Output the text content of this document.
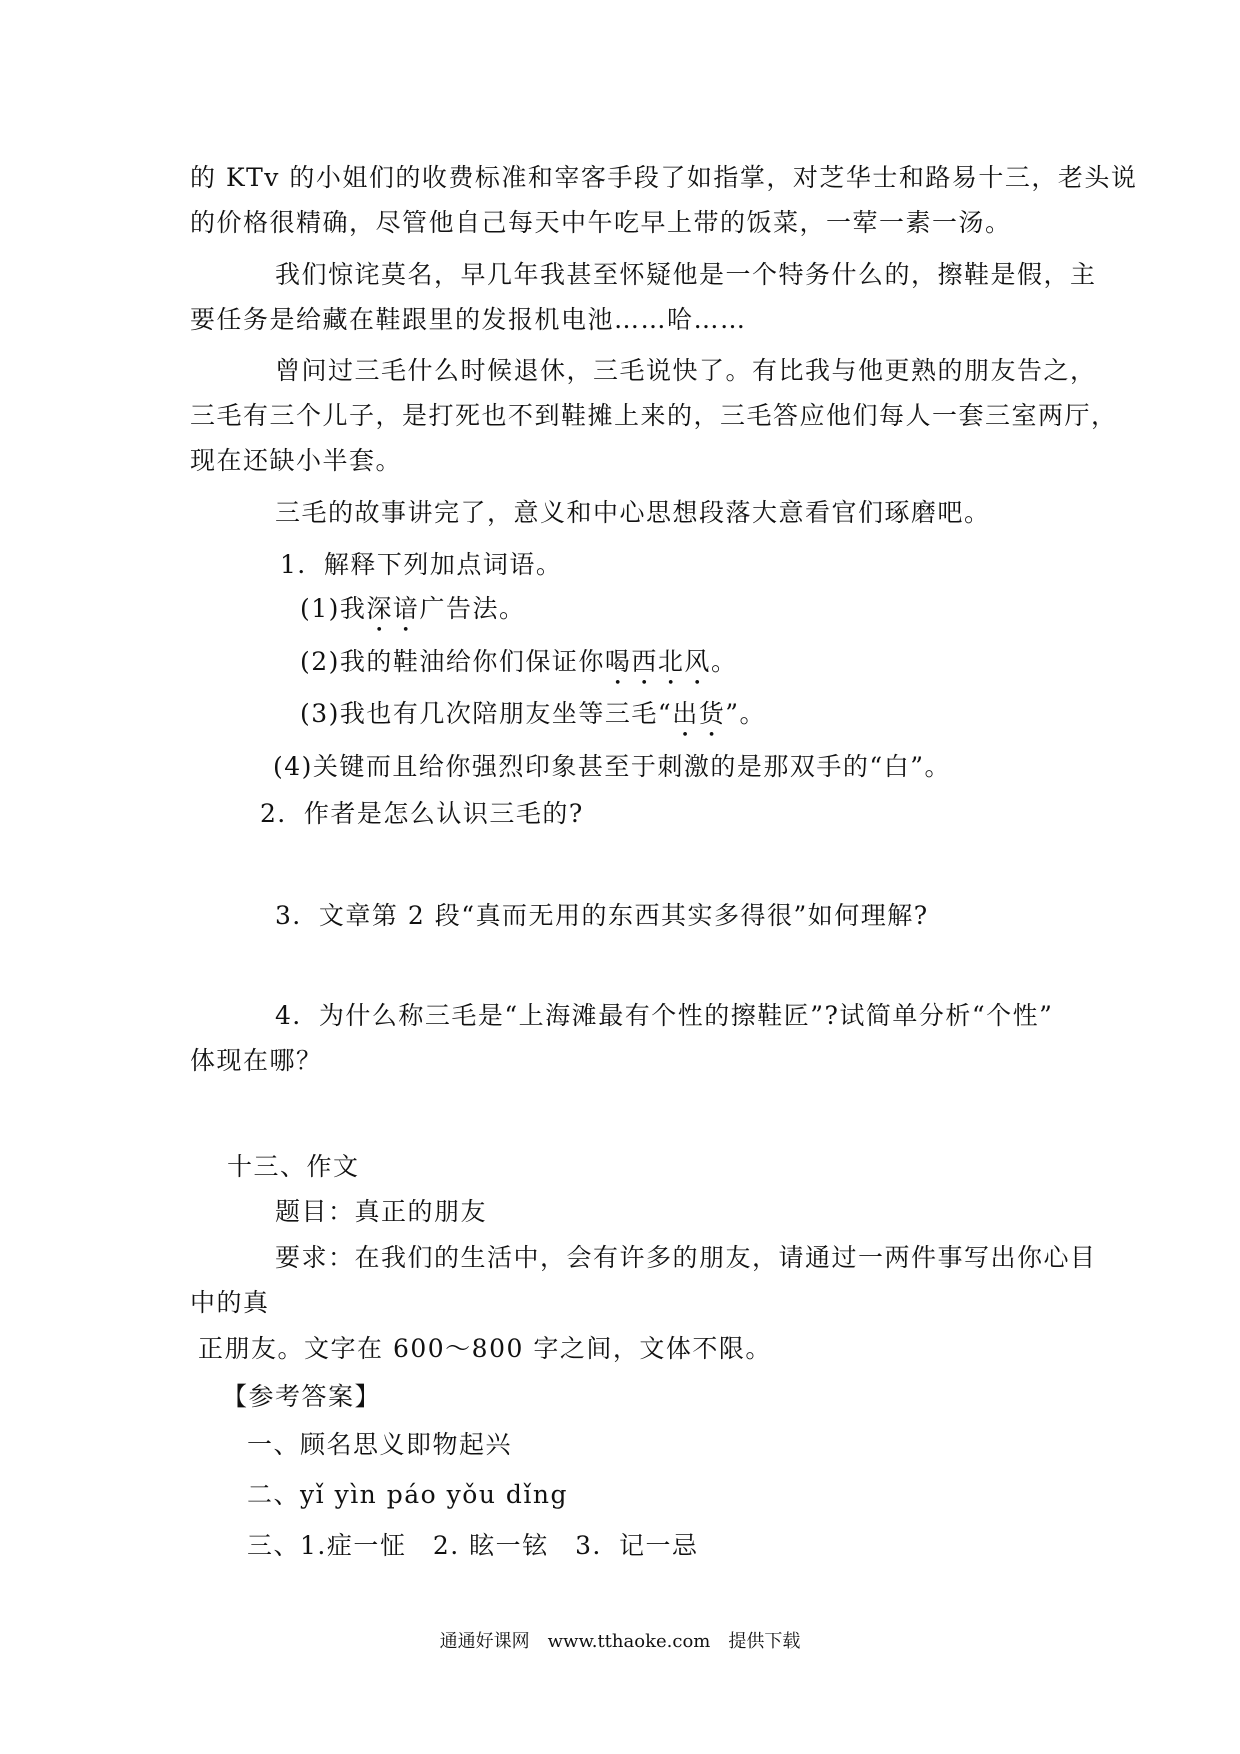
的 KTv 的小姐们的收费标准和宰客手段了如指掌，对芝华士和路易十三，老头说

的价格很精确，尽管他自己每天中午吃早上带的饭菜，一荤一素一汤。

我们惊诧莫名，早几年我甚至怀疑他是一个特务什么的，擦鞋是假，主

要任务是给藏在鞋跟里的发报机电池……哈……

曾问过三毛什么时候退休，三毛说快了。有比我与他更熟的朋友告之，

三毛有三个儿子，是打死也不到鞋摊上来的，三毛答应他们每人一套三室两厅，

现在还缺小半套。

三毛的故事讲完了，意义和中心思想段落大意看官们琢磨吧。

1．解释下列加点词语。

(1)我深谙广告法。

(2)我的鞋油给你们保证你喝西北风。

(3)我也有几次陪朋友坐等三毛“出货”。

(4)关键而且给你强烈印象甚至于刺激的是那双手的“白”。

2．作者是怎么认识三毛的?

3．文章第 2 段“真而无用的东西其实多得很”如何理解?

4．为什么称三毛是“上海滩最有个性的擦鞋匠”?试简单分析“个性”

体现在哪？

十三、作文

题目：真正的朋友

要求：在我们的生活中，会有许多的朋友，请通过一两件事写出你心目

中的真

正朋友。文字在 600～800 字之间，文体不限。

【参考答案】

一、顾名思义即物起兴

二、yǐ yìn páo yǒu dǐng

三、1.症一怔　2. 眩一铉　3．记一忌

通通好课网　www.tthaoke.com　提供下载
